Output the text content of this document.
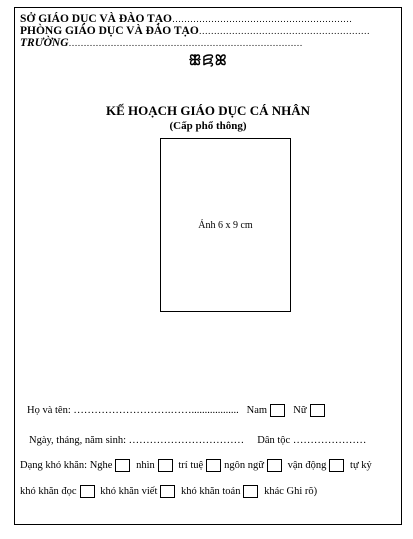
SỞ GIÁO DỤC VÀ ĐÀO TẠO……………………………………………………
PHÒNG GIÁO DỤC VÀ ĐÀO TẠO…………………………………………………
TRƯỜNG……………………………………………………………………
ꕥꗛꕤ
KẾ HOẠCH GIÁO DỤC CÁ NHÂN
(Cấp phổ thông)
Ảnh 6 x 9 cm
Họ và tên: ……………………….…….................. Nam	Nữ
Ngày, tháng, năm sinh: …………………………… Dân tộc …………………
Dạng khó khăn: Nghe nhìn trí tuệ ngôn ngữ vận động tự kỷ
khó khăn đọc khó khăn viết khó khăn toán khác Ghi rõ)
